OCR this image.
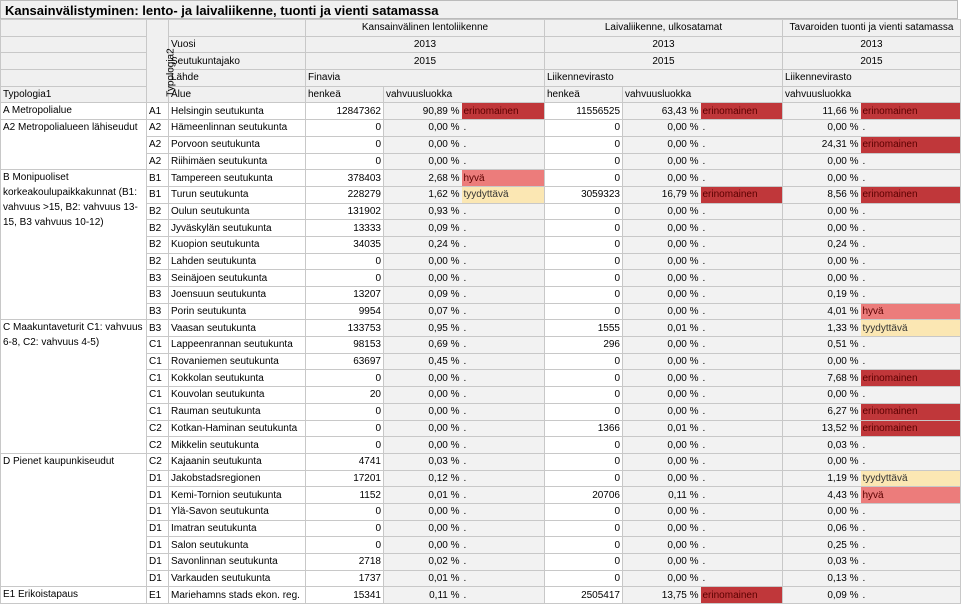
Kansainvälistyminen: lento- ja laivaliikenne, tuonti ja vienti satamassa
	Typologia2		Kansainvälinen lentoliikenne			Laivaliikenne, ulkosatamat			Tavaroiden tuonti ja vienti satamassa	
		Vuosi	2013			2013			2013	
		Seutukuntajako	2015			2015			2015	
		Lähde	Finavia			Liikennevirasto			Liikennevirasto	
Typologia1		Alue	henkeä	vahvuusluokka		henkeä	vahvuusluokka		vahvuusluokka	
A Metropolialue	A1	Helsingin seutukunta	12847362	90,89 %	erinomainen	11556525	63,43 %	erinomainen	11,66 %	erinomainen
A2 Metropolialueen lähiseudut	A2	Hämeenlinnan seutukunta	0	0,00 %	.	0	0,00 %	.	0,00 %	.
	A2	Porvoon seutukunta	0	0,00 %	.	0	0,00 %	.	24,31 %	erinomainen
	A2	Riihimäen seutukunta	0	0,00 %	.	0	0,00 %	.	0,00 %	.
B Monipuoliset korkeakoulupaikkakunnat (B1: vahvuus >15, B2: vahvuus 13-15, B3 vahvuus 10-12)	B1	Tampereen seutukunta	378403	2,68 %	hyvä	0	0,00 %	.	0,00 %	.
	B1	Turun seutukunta	228279	1,62 %	tyydyttävä	3059323	16,79 %	erinomainen	8,56 %	erinomainen
	B2	Oulun seutukunta	131902	0,93 %	.	0	0,00 %	.	0,00 %	.
	B2	Jyväskylän seutukunta	13333	0,09 %	.	0	0,00 %	.	0,00 %	.
	B2	Kuopion seutukunta	34035	0,24 %	.	0	0,00 %	.	0,24 %	.
	B2	Lahden seutukunta	0	0,00 %	.	0	0,00 %	.	0,00 %	.
	B3	Seinäjoen seutukunta	0	0,00 %	.	0	0,00 %	.	0,00 %	.
	B3	Joensuun seutukunta	13207	0,09 %	.	0	0,00 %	.	0,19 %	.
	B3	Porin seutukunta	9954	0,07 %	.	0	0,00 %	.	4,01 %	hyvä
C Maakuntaveturit C1: vahvuus 6-8, C2: vahvuus 4-5)	B3	Vaasan seutukunta	133753	0,95 %	.	1555	0,01 %	.	1,33 %	tyydyttävä
	C1	Lappeenrannan seutukunta	98153	0,69 %	.	296	0,00 %	.	0,51 %	.
	C1	Rovaniemen seutukunta	63697	0,45 %	.	0	0,00 %	.	0,00 %	.
	C1	Kokkolan seutukunta	0	0,00 %	.	0	0,00 %	.	7,68 %	erinomainen
	C1	Kouvolan seutukunta	20	0,00 %	.	0	0,00 %	.	0,00 %	.
	C1	Rauman seutukunta	0	0,00 %	.	0	0,00 %	.	6,27 %	erinomainen
	C2	Kotkan-Haminan seutukunta	0	0,00 %	.	1366	0,01 %	.	13,52 %	erinomainen
	C2	Mikkelin seutukunta	0	0,00 %	.	0	0,00 %	.	0,03 %	.
D Pienet kaupunkiseudut	C2	Kajaanin seutukunta	4741	0,03 %	.	0	0,00 %	.	0,00 %	.
	D1	Jakobstadsregionen	17201	0,12 %	.	0	0,00 %	.	1,19 %	tyydyttävä
	D1	Kemi-Tornion seutukunta	1152	0,01 %	.	20706	0,11 %	.	4,43 %	hyvä
	D1	Ylä-Savon seutukunta	0	0,00 %	.	0	0,00 %	.	0,00 %	.
	D1	Imatran seutukunta	0	0,00 %	.	0	0,00 %	.	0,06 %	.
	D1	Salon seutukunta	0	0,00 %	.	0	0,00 %	.	0,25 %	.
	D1	Savonlinnan seutukunta	2718	0,02 %	.	0	0,00 %	.	0,03 %	.
	D1	Varkauden seutukunta	1737	0,01 %	.	0	0,00 %	.	0,13 %	.
E1 Erikoistapaus	E1	Mariehamns stads ekon. reg.	15341	0,11 %	.	2505417	13,75 %	erinomainen	0,09 %	.
